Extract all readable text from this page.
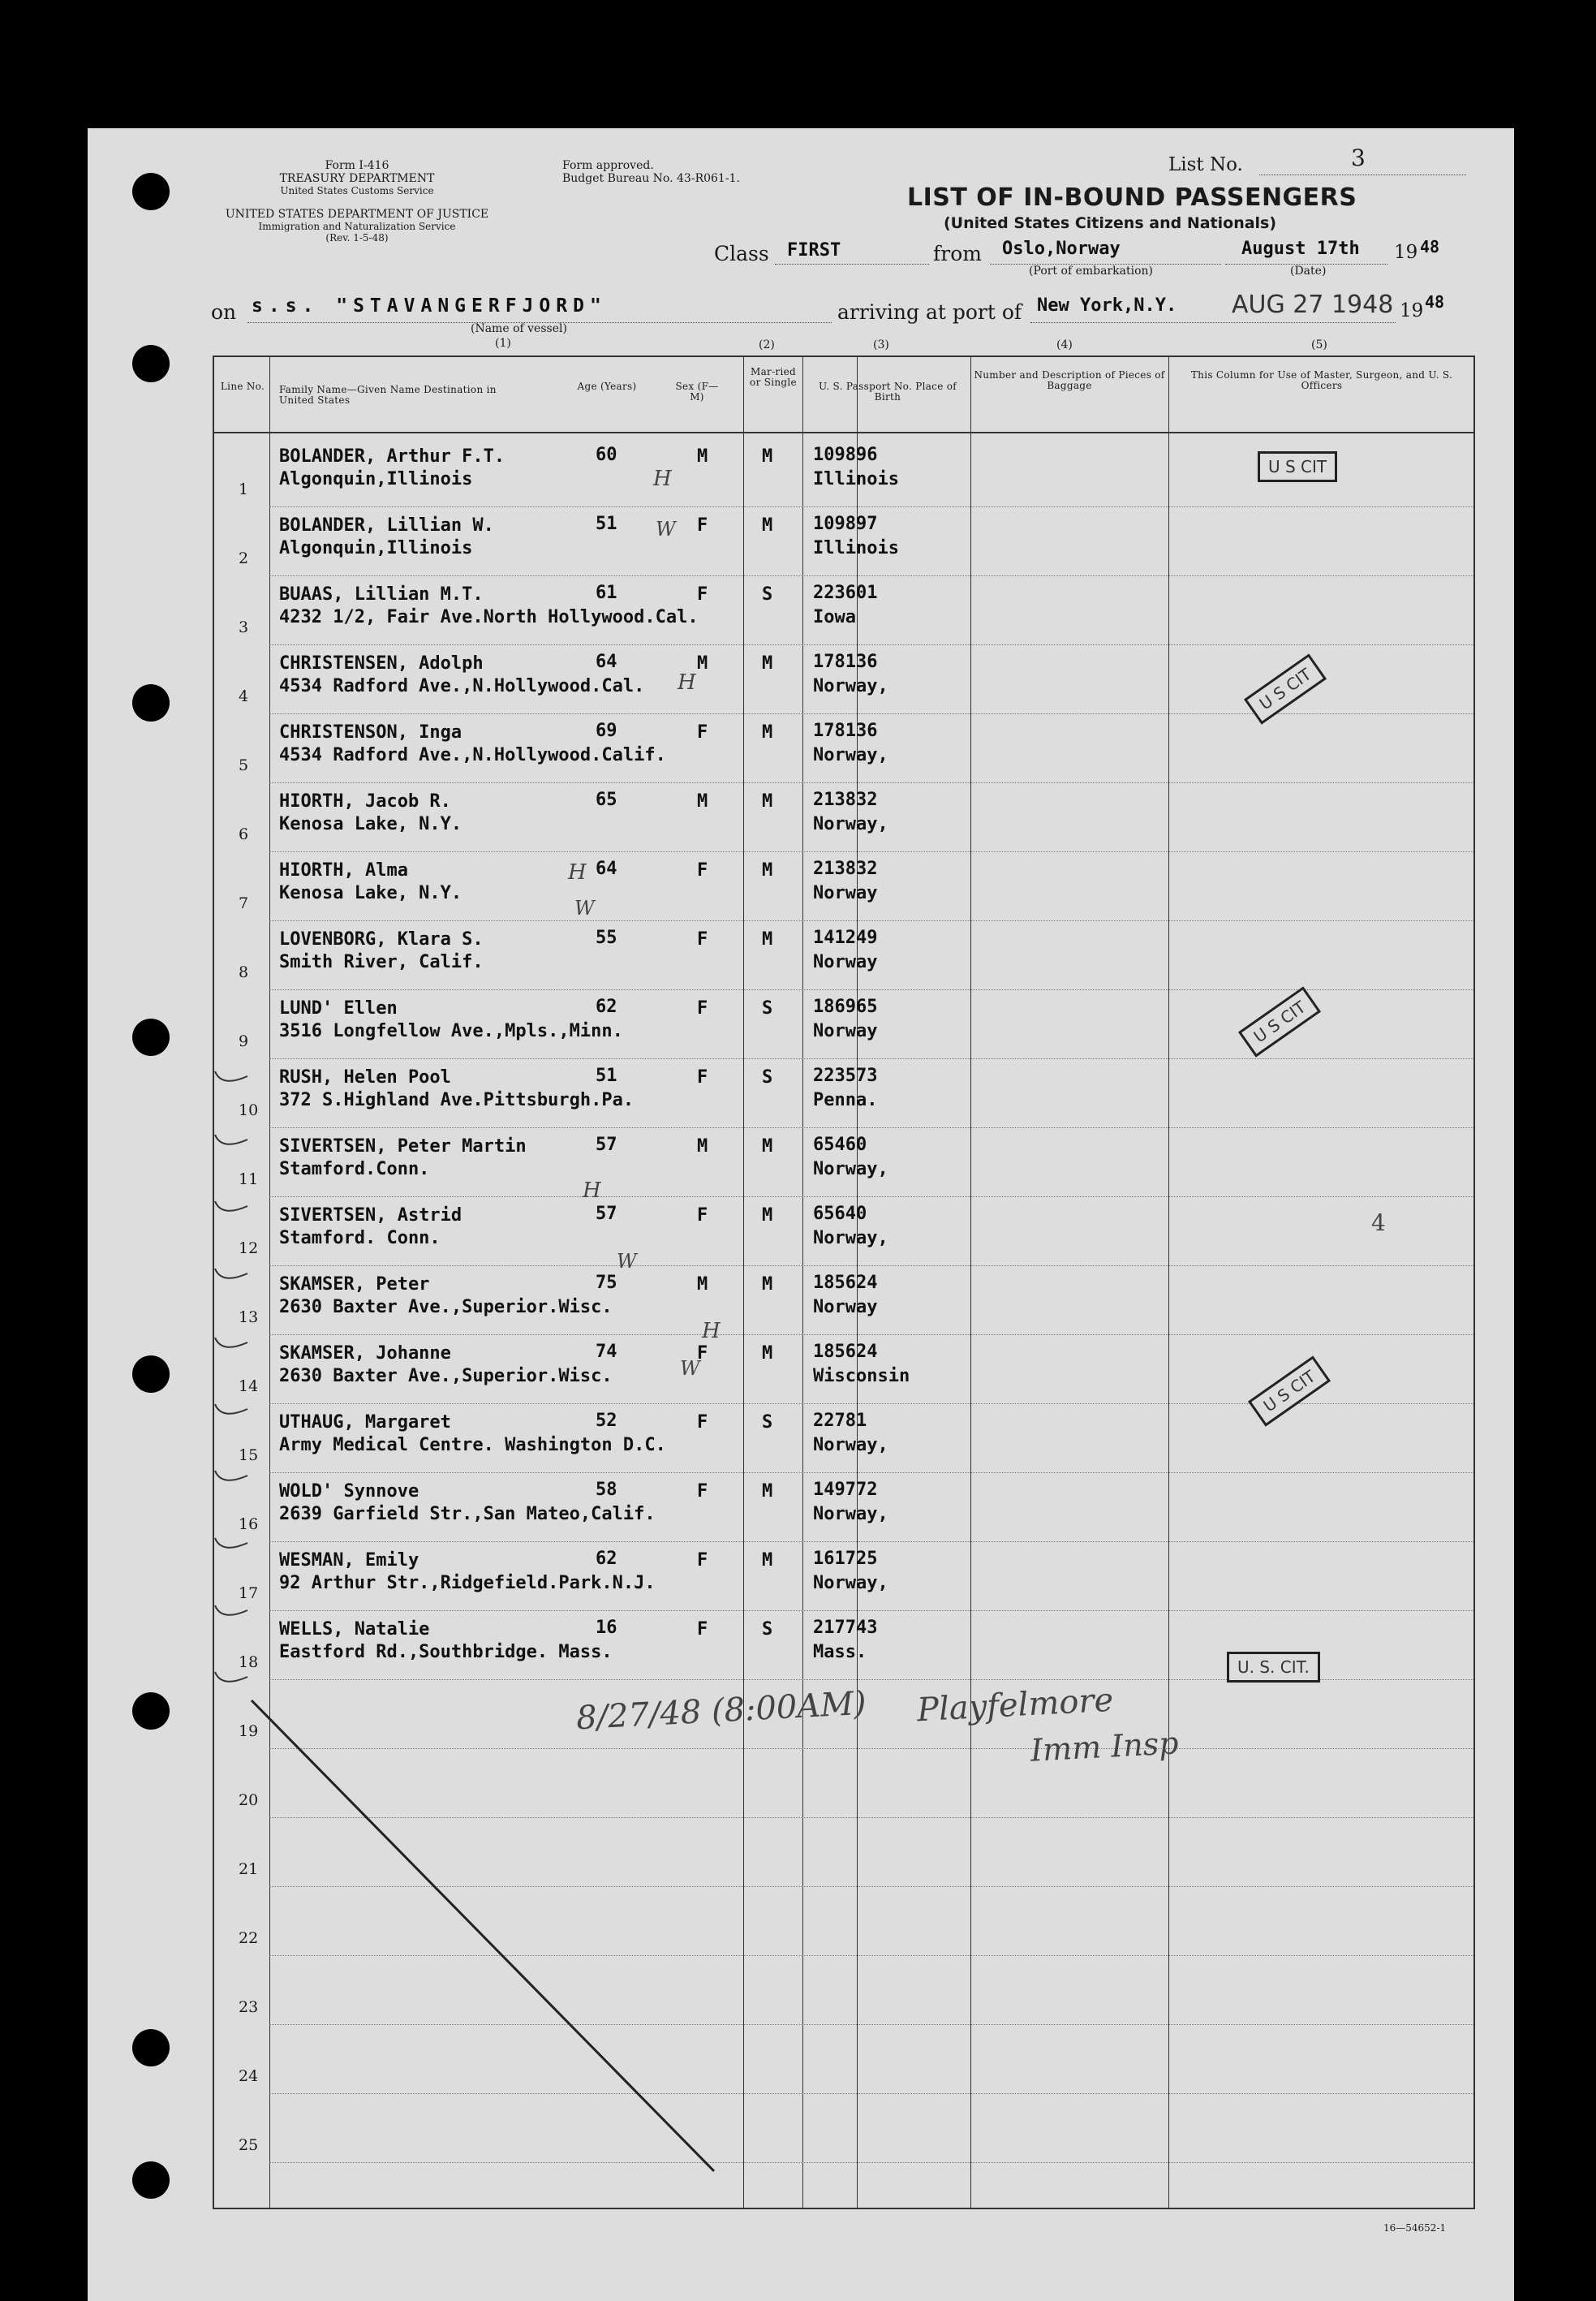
Form I-416
TREASURY DEPARTMENT
United States Customs Service
Form approved.
Budget Bureau No. 43-R061-1.
UNITED STATES DEPARTMENT OF JUSTICE
Immigration and Naturalization Service
(Rev. 1-5-48)
List No.	3
LIST OF IN-BOUND PASSENGERS
(United States Citizens and Nationals)
Class FIRST	from Oslo,Norway
(Port of embarkation)
August 17th 19 48
(Date)
on s.s. "STAVANGERFJORD"
(Name of vessel)
(1)
arriving at port of New York,N.Y. AUG 27 1948 19 48
(2)	(3)	(4)	(5)
Line No. Family Name—Given Name Destination in United States
Age (Years)	Sex (F—M)
Mar-ried or Single	U. S. Passport No. Place of Birth
Number and Description of Pieces of Baggage
This Column for Use of Master, Surgeon, and U. S. Officers
1
BOLANDER, Arthur F.T.
Algonquin,Illinois
60	M	M 109896
Illinois
2
BOLANDER, Lillian W.
Algonquin,Illinois
51	F	M 109897
Illinois
3
BUAAS, Lillian M.T.
4232 1/2, Fair Ave.North Hollywood.Cal.
61	F	S 223601
Iowa
4
CHRISTENSEN, Adolph
4534 Radford Ave.,N.Hollywood.Cal.
64	M	M 178136
Norway,
5
CHRISTENSON, Inga
4534 Radford Ave.,N.Hollywood.Calif.
69	F	M 178136
Norway,
6
HIORTH, Jacob R.
Kenosa Lake, N.Y.
65	M	M 213832
Norway,
7
HIORTH, Alma
Kenosa Lake, N.Y.
64	F	M 213832
Norway
8
LOVENBORG, Klara S.
Smith River, Calif.
55	F	M 141249
Norway
9
LUND' Ellen
3516 Longfellow Ave.,Mpls.,Minn.
62	F	S 186965
Norway
10
RUSH, Helen Pool
372 S.Highland Ave.Pittsburgh.Pa.
51	F	S 223573
Penna.
11
SIVERTSEN, Peter Martin
Stamford.Conn.
57	M	M 65460
Norway,
12
SIVERTSEN, Astrid
Stamford. Conn.
57	F	M 65640
Norway,
13
SKAMSER, Peter
2630 Baxter Ave.,Superior.Wisc.
75	M	M 185624
Norway
14
SKAMSER, Johanne
2630 Baxter Ave.,Superior.Wisc.
74	F	M 185624
Wisconsin
15
UTHAUG, Margaret
Army Medical Centre. Washington D.C.
52	F	S 22781
Norway,
16
WOLD' Synnove
2639 Garfield Str.,San Mateo,Calif.
58	F	M 149772
Norway,
17
WESMAN, Emily
92 Arthur Str.,Ridgefield.Park.N.J.
62	F	M 161725
Norway,
18
WELLS, Natalie
Eastford Rd.,Southbridge. Mass.
16	F	S 217743
Mass.
19
20
21
22
23
24
25
U S CIT
U S CIT
U S CIT
U S CIT
U. S. CIT.
4
8/27/48 (8:00AM) Playfelmore
Imm Insp
H
W
H
H
W
H
W
H
W
16—54652-1
